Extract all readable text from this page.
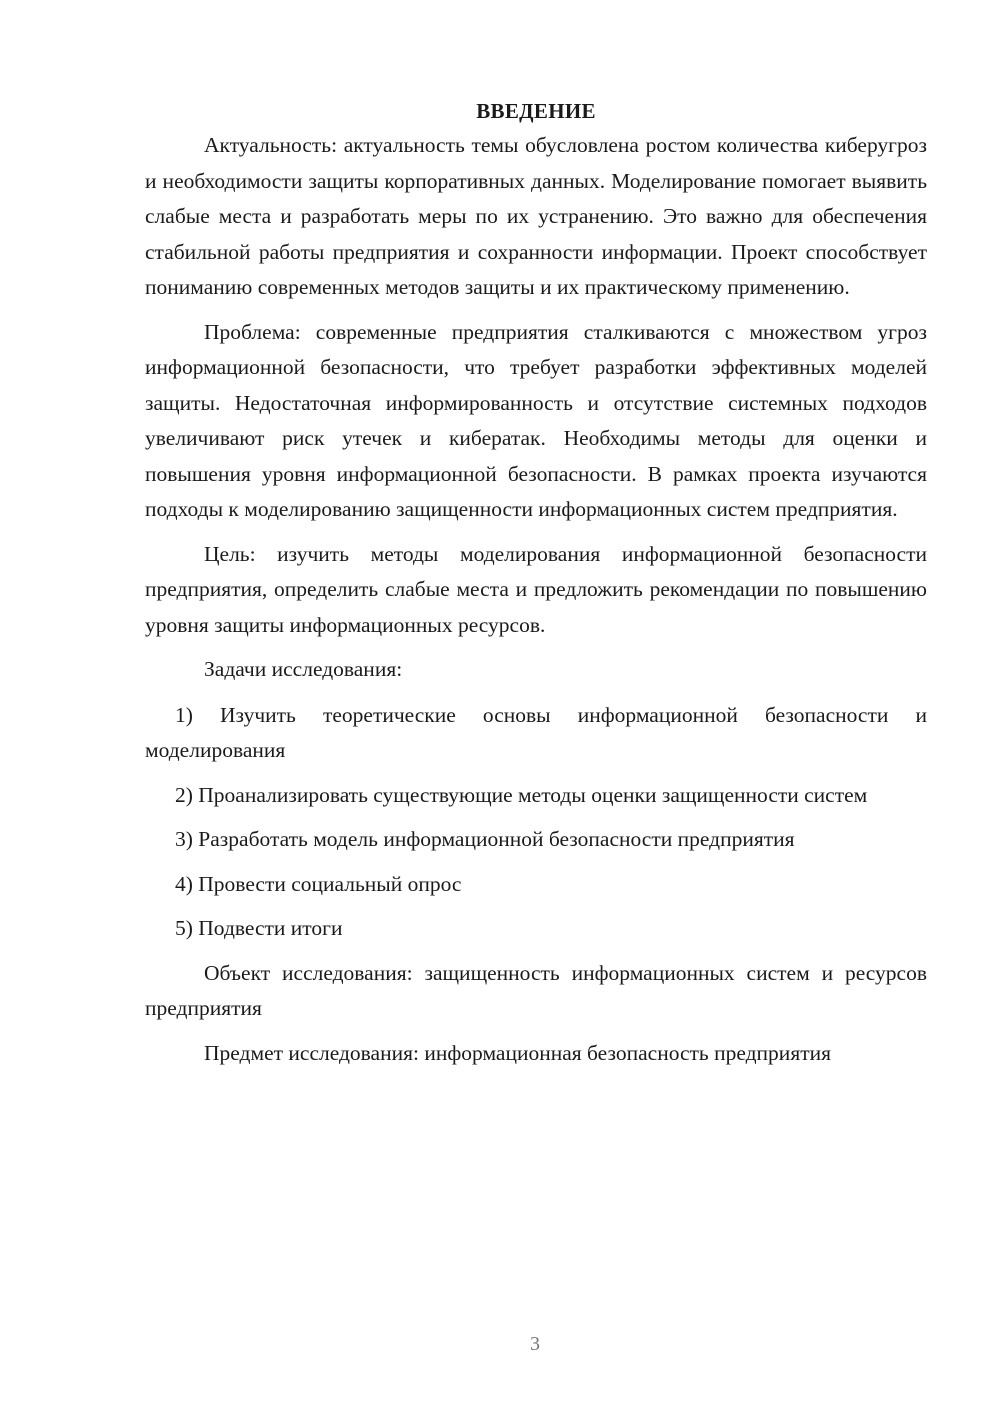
ВВЕДЕНИЕ

Актуальность: актуальность темы обусловлена ростом количества киберугроз и необходимости защиты корпоративных данных. Моделирование помогает выявить слабые места и разработать меры по их устранению. Это важно для обеспечения стабильной работы предприятия и сохранности информации. Проект способствует пониманию современных методов защиты и их практическому применению.

Проблема: современные предприятия сталкиваются с множеством угроз информационной безопасности, что требует разработки эффективных моделей защиты. Недостаточная информированность и отсутствие системных подходов увеличивают риск утечек и кибератак. Необходимы методы для оценки и повышения уровня информационной безопасности. В рамках проекта изучаются подходы к моделированию защищенности информационных систем предприятия.

Цель: изучить методы моделирования информационной безопасности предприятия, определить слабые места и предложить рекомендации по повышению уровня защиты информационных ресурсов.

Задачи исследования:

1) Изучить теоретические основы информационной безопасности и моделирования

2) Проанализировать существующие методы оценки защищенности систем

3) Разработать модель информационной безопасности предприятия

4) Провести социальный опрос

5) Подвести итоги

Объект исследования: защищенность информационных систем и ресурсов предприятия

Предмет исследования: информационная безопасность предприятия

3
